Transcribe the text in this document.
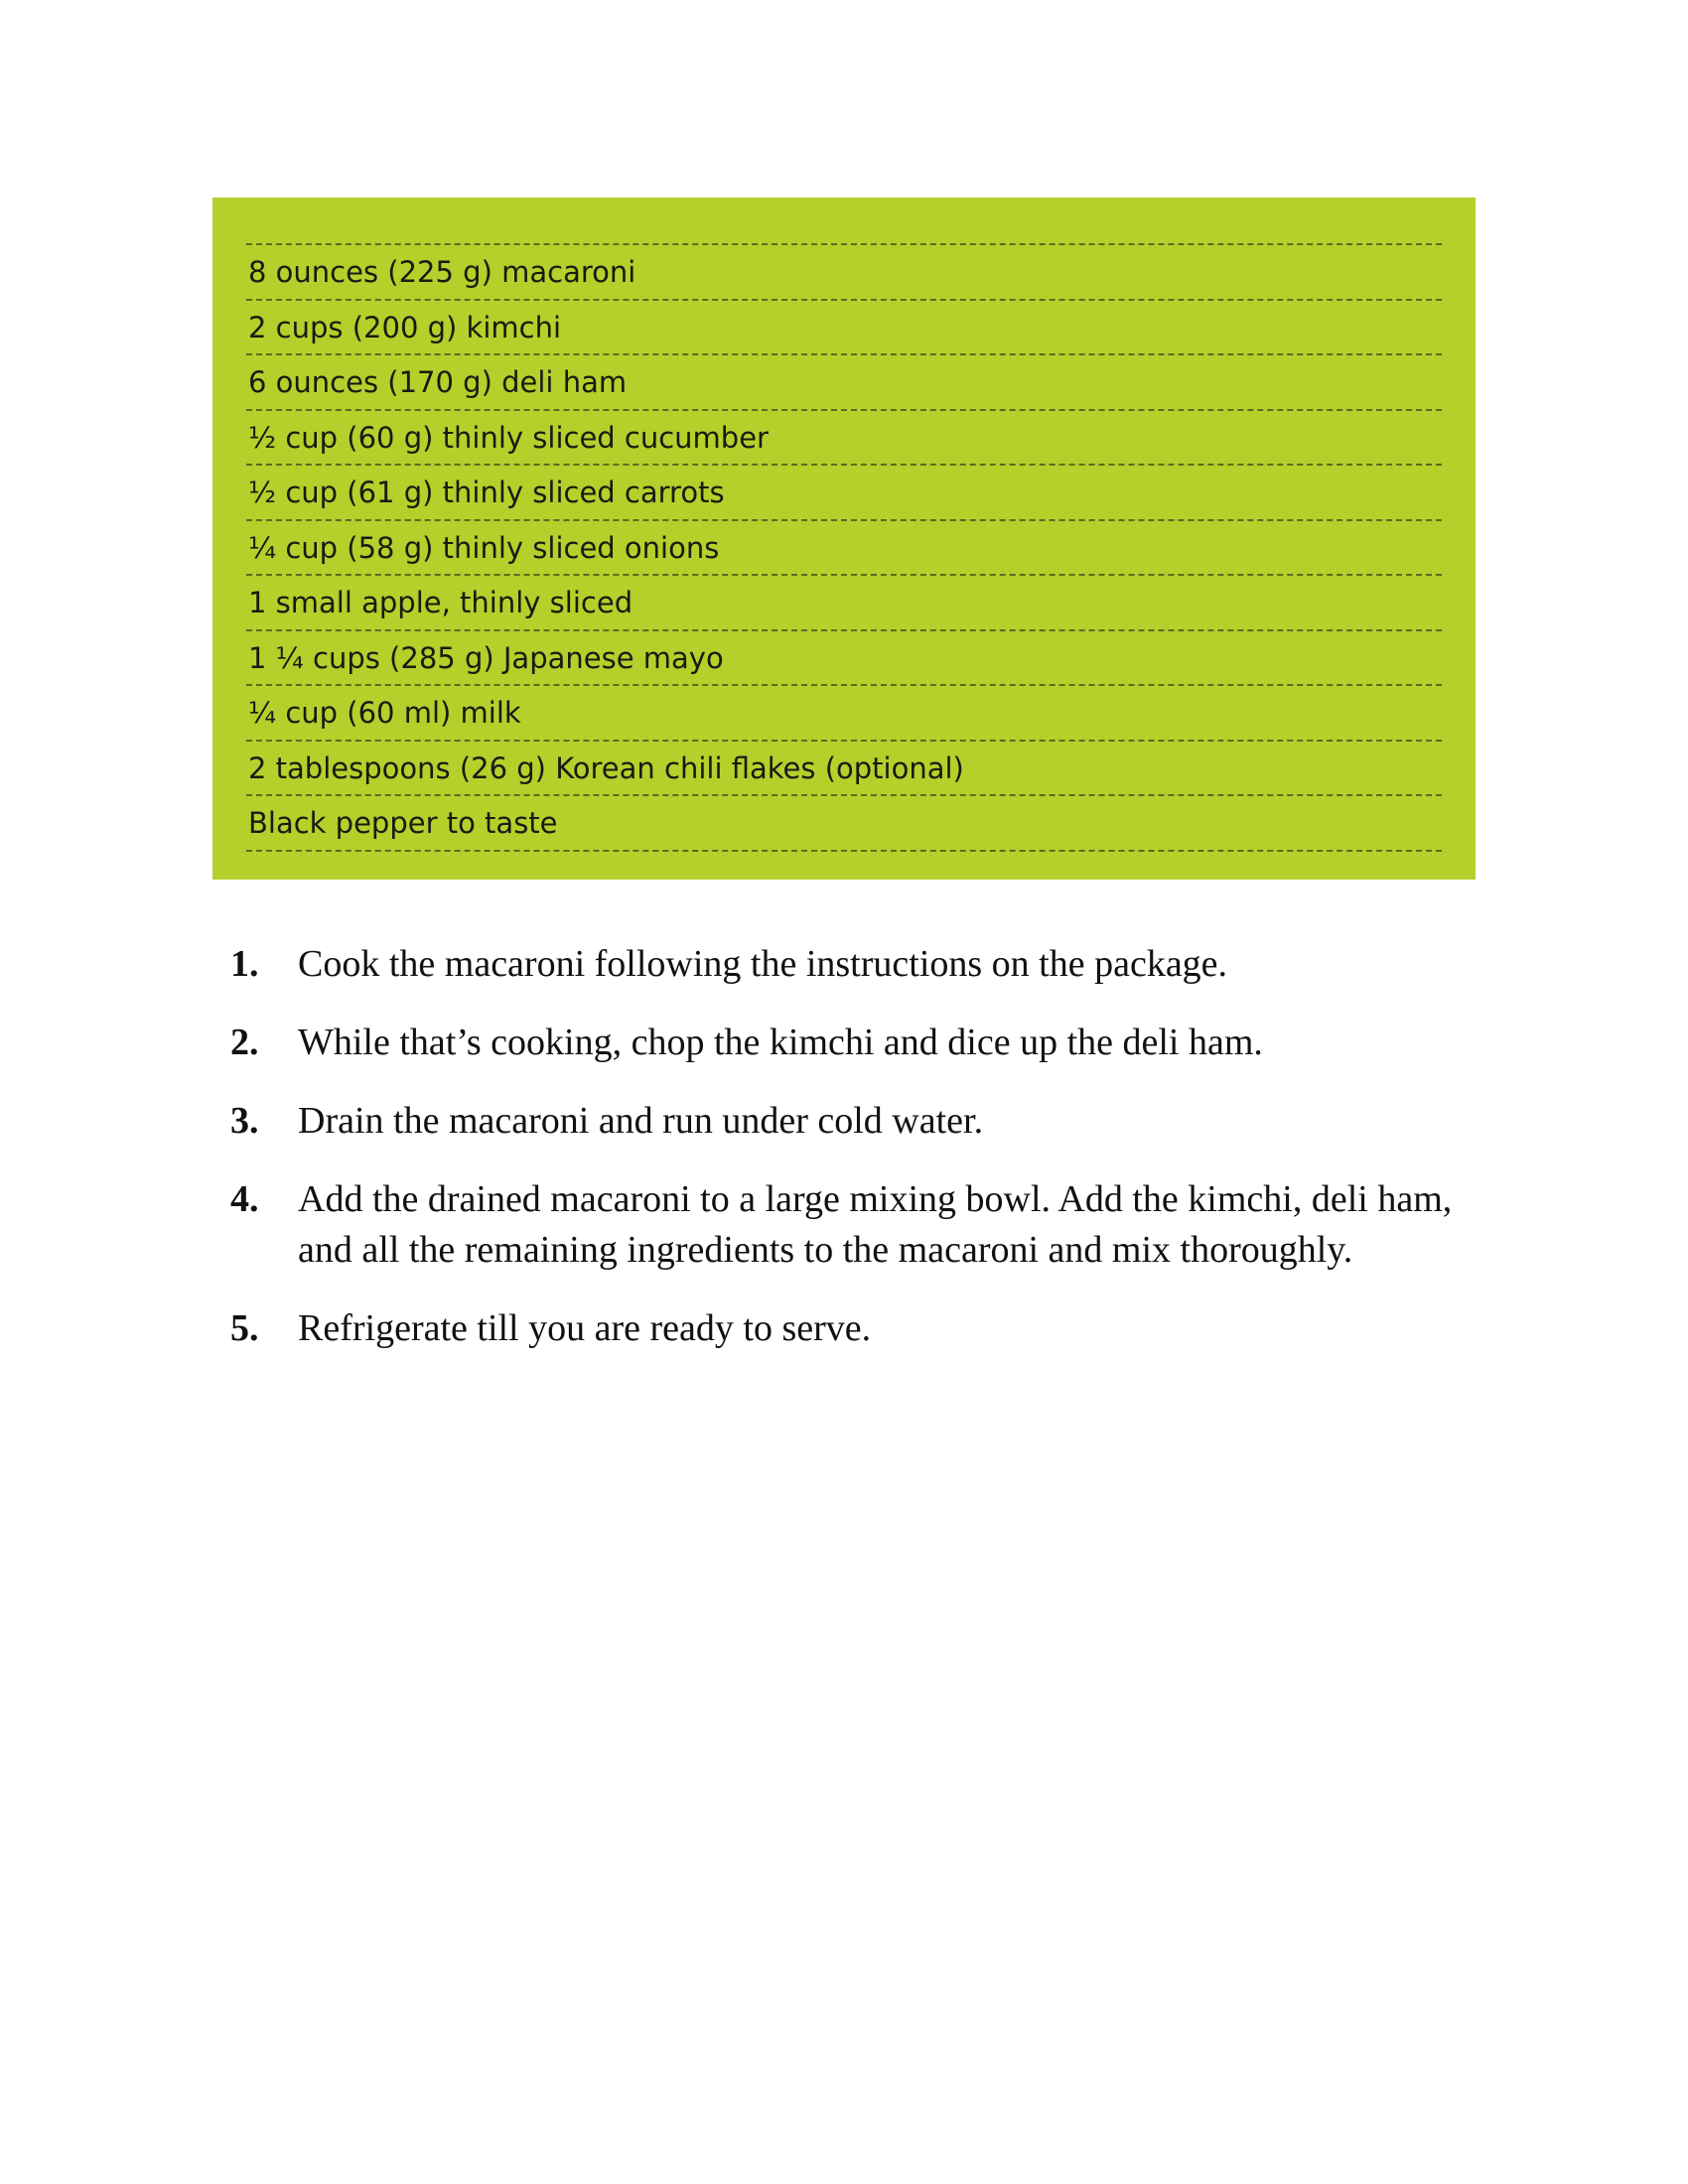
8 ounces (225 g) macaroni
2 cups (200 g) kimchi
6 ounces (170 g) deli ham
½ cup (60 g) thinly sliced cucumber
½ cup (61 g) thinly sliced carrots
¼ cup (58 g) thinly sliced onions
1 small apple, thinly sliced
1 ¼ cups (285 g) Japanese mayo
¼ cup (60 ml) milk
2 tablespoons (26 g) Korean chili flakes (optional)
Black pepper to taste
1.	Cook the macaroni following the instructions on the package.
2.	While that’s cooking, chop the kimchi and dice up the deli ham.
3.	Drain the macaroni and run under cold water.
4.	Add the drained macaroni to a large mixing bowl. Add the kimchi, deli ham, and all the remaining ingredients to the macaroni and mix thoroughly.
5.	Refrigerate till you are ready to serve.
